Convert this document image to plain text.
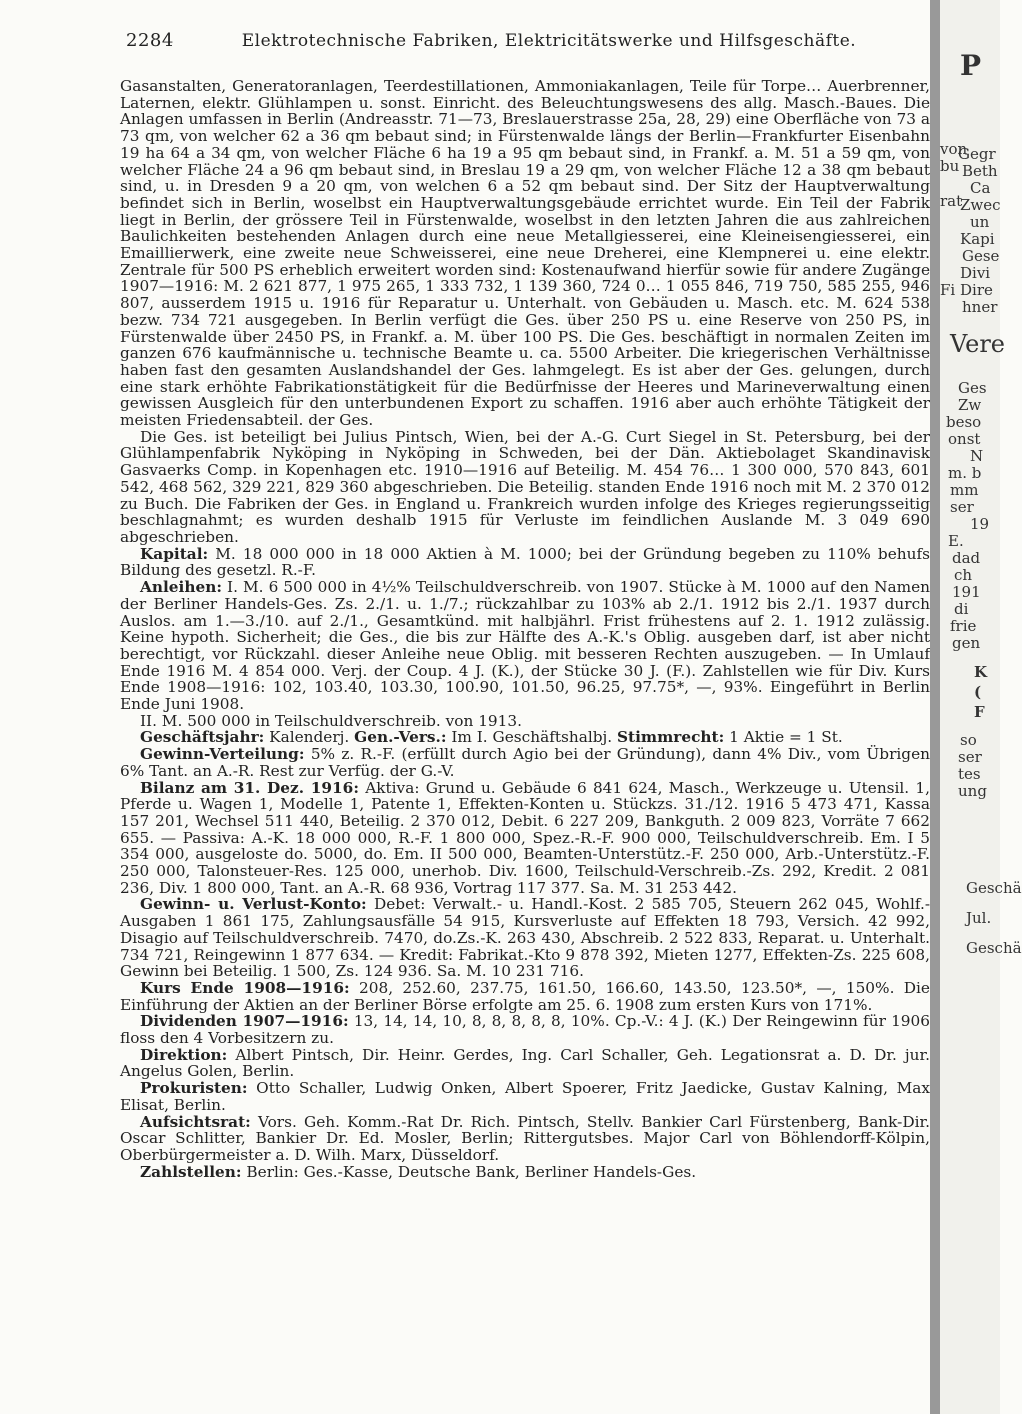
2284	Elektrotechnische Fabriken, Elektricitätswerke und Hilfsgeschäfte.

Gasanstalten, Generatoranlagen, Teerdestillationen, Ammoniakanlagen, Teile für Torpe… Auerbrenner, Laternen, elektr. Glühlampen u. sonst. Einricht. des Beleuchtungswesens des allg. Masch.-Baues. Die Anlagen umfassen in Berlin (Andreasstr. 71—73, Breslauerstrasse 25a, 28, 29) eine Oberfläche von 73 a 73 qm, von welcher 62 a 36 qm bebaut sind; in Fürstenwalde längs der Berlin—Frankfurter Eisenbahn 19 ha 64 a 34 qm, von welcher Fläche 6 ha 19 a 95 qm bebaut sind, in Frankf. a. M. 51 a 59 qm, von welcher Fläche 24 a 96 qm bebaut sind, in Breslau 19 a 29 qm, von welcher Fläche 12 a 38 qm bebaut sind, u. in Dresden 9 a 20 qm, von welchen 6 a 52 qm bebaut sind. Der Sitz der Hauptverwaltung befindet sich in Berlin, woselbst ein Hauptverwaltungsgebäude errichtet wurde. Ein Teil der Fabrik liegt in Berlin, der grössere Teil in Fürstenwalde, woselbst in den letzten Jahren die aus zahlreichen Baulichkeiten bestehenden Anlagen durch eine neue Metallgiesserei, eine Kleineisengiesserei, ein Emaillierwerk, eine zweite neue Schweisserei, eine neue Dreherei, eine Klempnerei u. eine elektr. Zentrale für 500 PS erheblich erweitert worden sind: Kostenaufwand hierfür sowie für andere Zugänge 1907—1916: M. 2 621 877, 1 975 265, 1 333 732, 1 139 360, 724 0… 1 055 846, 719 750, 585 255, 946 807, ausserdem 1915 u. 1916 für Reparatur u. Unterhalt. von Gebäuden u. Masch. etc. M. 624 538 bezw. 734 721 ausgegeben. In Berlin verfügt die Ges. über 250 PS u. eine Reserve von 250 PS, in Fürstenwalde über 2450 PS, in Frankf. a. M. über 100 PS. Die Ges. beschäftigt in normalen Zeiten im ganzen 676 kaufmännische u. technische Beamte u. ca. 5500 Arbeiter. Die kriegerischen Verhältnisse haben fast den gesamten Auslandshandel der Ges. lahmgelegt. Es ist aber der Ges. gelungen, durch eine stark erhöhte Fabrikationstätigkeit für die Bedürfnisse der Heeres und Marineverwaltung einen gewissen Ausgleich für den unterbundenen Export zu schaffen. 1916 aber auch erhöhte Tätigkeit der meisten Friedensabteil. der Ges.

Die Ges. ist beteiligt bei Julius Pintsch, Wien, bei der A.-G. Curt Siegel in St. Petersburg, bei der Glühlampenfabrik Nyköping in Nyköping in Schweden, bei der Dän. Aktiebolaget Skandinavisk Gasvaerks Comp. in Kopenhagen etc. 1910—1916 auf Beteilig. M. 454 76… 1 300 000, 570 843, 601 542, 468 562, 329 221, 829 360 abgeschrieben. Die Beteilig. standen Ende 1916 noch mit M. 2 370 012 zu Buch. Die Fabriken der Ges. in England u. Frankreich wurden infolge des Krieges regierungsseitig beschlagnahmt; es wurden deshalb 1915 für Verluste im feindlichen Auslande M. 3 049 690 abgeschrieben.

Kapital: M. 18 000 000 in 18 000 Aktien à M. 1000; bei der Gründung begeben zu 110% behufs Bildung des gesetzl. R.-F.

Anleihen: I. M. 6 500 000 in 4½% Teilschuldverschreib. von 1907. Stücke à M. 1000 auf den Namen der Berliner Handels-Ges. Zs. 2./1. u. 1./7.; rückzahlbar zu 103% ab 2./1. 1912 bis 2./1. 1937 durch Auslos. am 1.—3./10. auf 2./1., Gesamtkünd. mit halbjährl. Frist frühestens auf 2. 1. 1912 zulässig. Keine hypoth. Sicherheit; die Ges., die bis zur Hälfte des A.-K.'s Oblig. ausgeben darf, ist aber nicht berechtigt, vor Rückzahl. dieser Anleihe neue Oblig. mit besseren Rechten auszugeben. — In Umlauf Ende 1916 M. 4 854 000. Verj. der Coup. 4 J. (K.), der Stücke 30 J. (F.). Zahlstellen wie für Div. Kurs Ende 1908—1916: 102, 103.40, 103.30, 100.90, 101.50, 96.25, 97.75*, —, 93%. Eingeführt in Berlin Ende Juni 1908.

II. M. 500 000 in Teilschuldverschreib. von 1913.

Geschäftsjahr: Kalenderj. Gen.-Vers.: Im I. Geschäftshalbj. Stimmrecht: 1 Aktie = 1 St.

Gewinn-Verteilung: 5% z. R.-F. (erfüllt durch Agio bei der Gründung), dann 4% Div., vom Übrigen 6% Tant. an A.-R. Rest zur Verfüg. der G.-V.

Bilanz am 31. Dez. 1916: Aktiva: Grund u. Gebäude 6 841 624, Masch., Werkzeuge u. Utensil. 1, Pferde u. Wagen 1, Modelle 1, Patente 1, Effekten-Konten u. Stückzs. 31./12. 1916 5 473 471, Kassa 157 201, Wechsel 511 440, Beteilig. 2 370 012, Debit. 6 227 209, Bankguth. 2 009 823, Vorräte 7 662 655. — Passiva: A.-K. 18 000 000, R.-F. 1 800 000, Spez.-R.-F. 900 000, Teilschuldverschreib. Em. I 5 354 000, ausgeloste do. 5000, do. Em. II 500 000, Beamten-Unterstütz.-F. 250 000, Arb.-Unterstütz.-F. 250 000, Talonsteuer-Res. 125 000, unerhob. Div. 1600, Teilschuld-Verschreib.-Zs. 292, Kredit. 2 081 236, Div. 1 800 000, Tant. an A.-R. 68 936, Vortrag 117 377. Sa. M. 31 253 442.

Gewinn- u. Verlust-Konto: Debet: Verwalt.- u. Handl.-Kost. 2 585 705, Steuern 262 045, Wohlf.-Ausgaben 1 861 175, Zahlungsausfälle 54 915, Kursverluste auf Effekten 18 793, Versich. 42 992, Disagio auf Teilschuldverschreib. 7470, do.Zs.-K. 263 430, Abschreib. 2 522 833, Reparat. u. Unterhalt. 734 721, Reingewinn 1 877 634. — Kredit: Fabrikat.-Kto 9 878 392, Mieten 1277, Effekten-Zs. 225 608, Gewinn bei Beteilig. 1 500, Zs. 124 936. Sa. M. 10 231 716.

Kurs Ende 1908—1916: 208, 252.60, 237.75, 161.50, 166.60, 143.50, 123.50*, —, 150%. Die Einführung der Aktien an der Berliner Börse erfolgte am 25. 6. 1908 zum ersten Kurs von 171%.

Dividenden 1907—1916: 13, 14, 14, 10, 8, 8, 8, 8, 8, 10%. Cp.-V.: 4 J. (K.) Der Reingewinn für 1906 floss den 4 Vorbesitzern zu.

Direktion: Albert Pintsch, Dir. Heinr. Gerdes, Ing. Carl Schaller, Geh. Legationsrat a. D. Dr. jur. Angelus Golen, Berlin.

Prokuristen: Otto Schaller, Ludwig Onken, Albert Spoerer, Fritz Jaedicke, Gustav Kalning, Max Elisat, Berlin.

Aufsichtsrat: Vors. Geh. Komm.-Rat Dr. Rich. Pintsch, Stellv. Bankier Carl Fürstenberg, Bank-Dir. Oscar Schlitter, Bankier Dr. Ed. Mosler, Berlin; Rittergutsbes. Major Carl von Böhlendorff-Kölpin, Oberbürgermeister a. D. Wilh. Marx, Düsseldorf.

Zahlstellen: Berlin: Ges.-Kasse, Deutsche Bank, Berliner Handels-Ges.

P
Gegr
Beth
Ca
Zwec
un
Kapi
Gese
Divi
Dire
hner
Vere
Ges
Zw
beso
onst
N
m. b
mm
ser
19
E.
dad
ch
191
di
frie
gen
K
(
F
so
ser
tes
ung
von
bu
rat
Fi
Geschä
Jul.
Geschä
